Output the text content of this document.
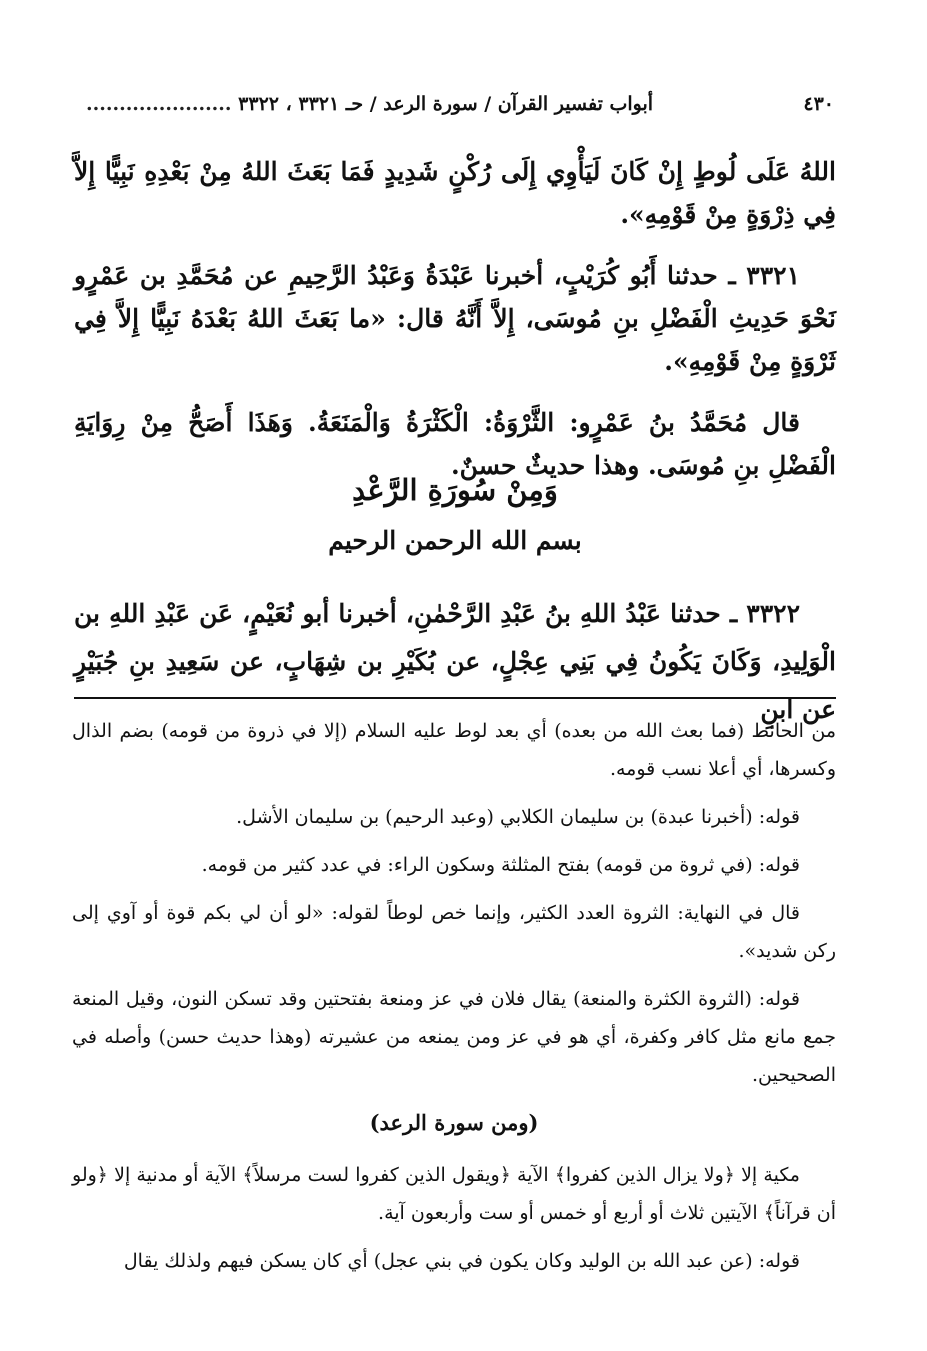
٤٣٠
أبواب تفسير القرآن / سورة الرعد / حـ ٣٣٢١ ، ٣٣٢٢ ......................

اللهُ عَلَى لُوطٍ إِنْ كَانَ لَيَأْوِي إِلَى رُكْنٍ شَدِيدٍ فَمَا بَعَثَ اللهُ مِنْ بَعْدِهِ نَبِيًّا إِلاَّ فِي ذِرْوَةٍ مِنْ قَوْمِهِ».

٣٣٢١ ـ حدثنا أَبُو كُرَيْبٍ، أخبرنا عَبْدَةُ وَعَبْدُ الرَّحِيمِ عن مُحَمَّدِ بن عَمْرٍو نَحْوَ حَدِيثِ الْفَضْلِ بنِ مُوسَى، إِلاَّ أَنَّهُ قال: «ما بَعَثَ اللهُ بَعْدَهُ نَبِيًّا إِلاَّ فِي ثَرْوَةٍ مِنْ قَوْمِهِ».

قال مُحَمَّدُ بنُ عَمْرٍو: الثَّرْوَةُ: الْكَثْرَةُ وَالْمَنَعَةُ. وَهَذَا أَصَحُّ مِنْ رِوَايَةِ الْفَضْلِ بنِ مُوسَى. وهذا حديثٌ حسنٌ.

وَمِنْ سُورَةِ الرَّعْدِ
بسم الله الرحمن الرحيم

٣٣٢٢ ـ حدثنا عَبْدُ اللهِ بنُ عَبْدِ الرَّحْمٰنِ، أخبرنا أبو نُعَيْمٍ، عَن عَبْدِ اللهِ بن الْوَلِيدِ، وَكَانَ يَكُونُ فِي بَنِي عِجْلٍ، عن بُكَيْرِ بن شِهَابٍ، عن سَعِيدِ بنِ جُبَيْرٍ عن ابنِ

من الحائط (فما بعث الله من بعده) أي بعد لوط عليه السلام (إلا في ذروة من قومه) بضم الذال وكسرها، أي أعلا نسب قومه.

قوله: (أخبرنا عبدة) بن سليمان الكلابي (وعبد الرحيم) بن سليمان الأشل.

قوله: (في ثروة من قومه) بفتح المثلثة وسكون الراء: في عدد كثير من قومه.

قال في النهاية: الثروة العدد الكثير، وإنما خص لوطاً لقوله: «لو أن لي بكم قوة أو آوي إلى ركن شديد».

قوله: (الثروة الكثرة والمنعة) يقال فلان في عز ومنعة بفتحتين وقد تسكن النون، وقيل المنعة جمع مانع مثل كافر وكفرة، أي هو في عز ومن يمنعه من عشيرته (وهذا حديث حسن) وأصله في الصحيحين.

(ومن سورة الرعد)

مكية إلا ﴿ولا يزال الذين كفروا﴾ الآية ﴿ويقول الذين كفروا لست مرسلاً﴾ الآية أو مدنية إلا ﴿ولو أن قرآناً﴾ الآيتين ثلاث أو أربع أو خمس أو ست وأربعون آية.

قوله: (عن عبد الله بن الوليد وكان يكون في بني عجل) أي كان يسكن فيهم ولذلك يقال
